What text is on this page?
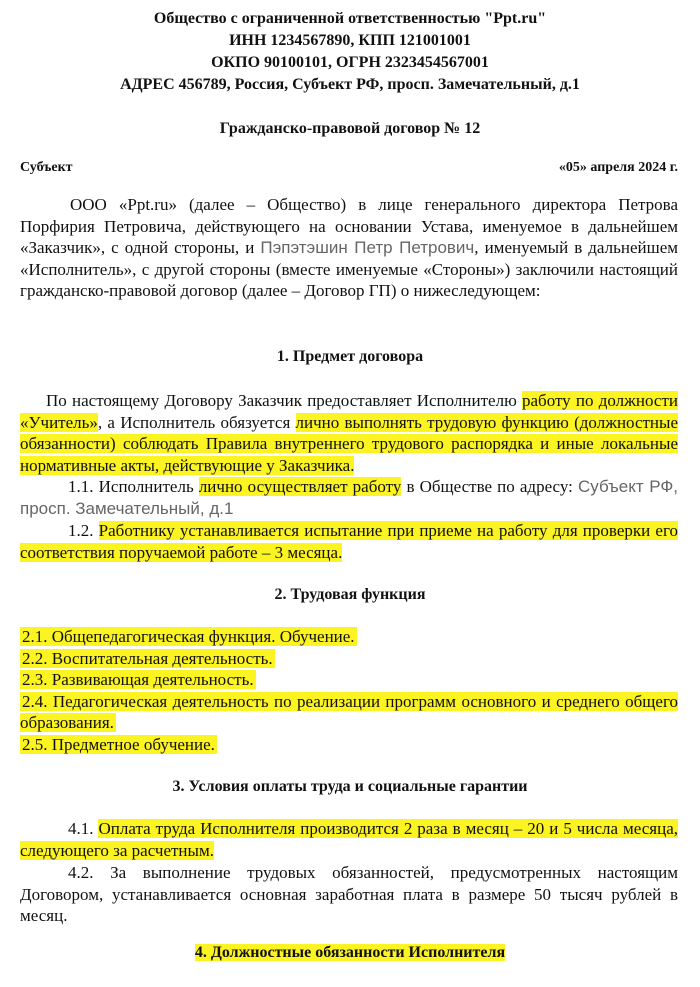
Общество с ограниченной ответственностью "Ppt.ru"
ИНН 1234567890, КПП 121001001
ОКПО 90100101, ОГРН 2323454567001
АДРЕС 456789, Россия, Субъект РФ, просп. Замечательный, д.1
Гражданско-правовой договор № 12
Субъект	«05» апреля 2024 г.
ООО «Ppt.ru» (далее – Общество) в лице генерального директора Петрова Порфирия Петровича, действующего на основании Устава, именуемое в дальнейшем «Заказчик», с одной стороны, и Пэпэтэшин Петр Петрович, именуемый в дальнейшем «Исполнитель», с другой стороны (вместе именуемые «Стороны») заключили настоящий гражданско-правовой договор (далее – Договор ГП) о нижеследующем:
1. Предмет договора
По настоящему Договору Заказчик предоставляет Исполнителю работу по должности «Учитель», а Исполнитель обязуется лично выполнять трудовую функцию (должностные обязанности) соблюдать Правила внутреннего трудового распорядка и иные локальные нормативные акты, действующие у Заказчика.
1.1. Исполнитель лично осуществляет работу в Обществе по адресу: Субъект РФ, просп. Замечательный, д.1
1.2. Работнику устанавливается испытание при приеме на работу для проверки его соответствия поручаемой работе – 3 месяца.
2. Трудовая функция
2.1. Общепедагогическая функция. Обучение.
2.2. Воспитательная деятельность.
2.3. Развивающая деятельность.
2.4. Педагогическая деятельность по реализации программ основного и среднего общего образования.
2.5. Предметное обучение.
3. Условия оплаты труда и социальные гарантии
4.1. Оплата труда Исполнителя производится 2 раза в месяц – 20 и 5 числа месяца, следующего за расчетным.
4.2. За выполнение трудовых обязанностей, предусмотренных настоящим Договором, устанавливается основная заработная плата в размере 50 тысяч рублей в месяц.
4. Должностные обязанности Исполнителя
